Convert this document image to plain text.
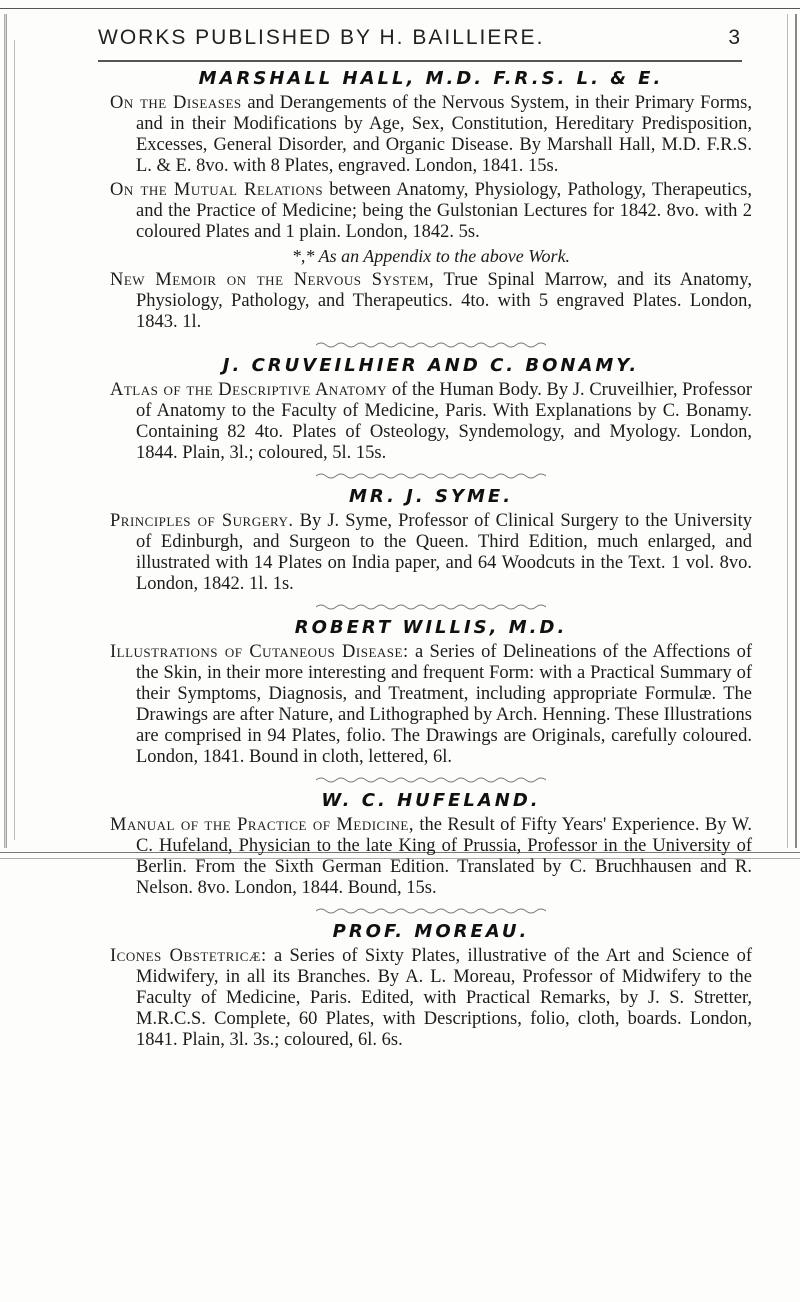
WORKS PUBLISHED BY H. BAILLIERE.	3
MARSHALL HALL, M.D. F.R.S. L. & E.

On the Diseases and Derangements of the Nervous System, in their Primary Forms, and in their Modifications by Age, Sex, Constitution, Hereditary Predisposition, Excesses, General Disorder, and Organic Disease. By Marshall Hall, M.D. F.R.S. L. & E. 8vo. with 8 Plates, engraved. London, 1841. 15s.

On the Mutual Relations between Anatomy, Physiology, Pathology, Therapeutics, and the Practice of Medicine; being the Gulstonian Lectures for 1842. 8vo. with 2 coloured Plates and 1 plain. London, 1842. 5s.

*,* As an Appendix to the above Work.

New Memoir on the Nervous System, True Spinal Marrow, and its Anatomy, Physiology, Pathology, and Therapeutics. 4to. with 5 engraved Plates. London, 1843. 1l.

J. CRUVEILHIER AND C. BONAMY.

Atlas of the Descriptive Anatomy of the Human Body. By J. Cruveilhier, Professor of Anatomy to the Faculty of Medicine, Paris. With Explanations by C. Bonamy. Containing 82 4to. Plates of Osteology, Syndemology, and Myology. London, 1844. Plain, 3l.; coloured, 5l. 15s.

MR. J. SYME.

Principles of Surgery. By J. Syme, Professor of Clinical Surgery to the University of Edinburgh, and Surgeon to the Queen. Third Edition, much enlarged, and illustrated with 14 Plates on India paper, and 64 Woodcuts in the Text. 1 vol. 8vo. London, 1842. 1l. 1s.

ROBERT WILLIS, M.D.

Illustrations of Cutaneous Disease: a Series of Delineations of the Affections of the Skin, in their more interesting and frequent Form: with a Practical Summary of their Symptoms, Diagnosis, and Treatment, including appropriate Formulæ. The Drawings are after Nature, and Lithographed by Arch. Henning. These Illustrations are comprised in 94 Plates, folio. The Drawings are Originals, carefully coloured. London, 1841. Bound in cloth, lettered, 6l.

W. C. HUFELAND.

Manual of the Practice of Medicine, the Result of Fifty Years' Experience. By W. C. Hufeland, Physician to the late King of Prussia, Professor in the University of Berlin. From the Sixth German Edition. Translated by C. Bruchhausen and R. Nelson. 8vo. London, 1844. Bound, 15s.

PROF. MOREAU.

Icones Obstetricæ: a Series of Sixty Plates, illustrative of the Art and Science of Midwifery, in all its Branches. By A. L. Moreau, Professor of Midwifery to the Faculty of Medicine, Paris. Edited, with Practical Remarks, by J. S. Stretter, M.R.C.S. Complete, 60 Plates, with Descriptions, folio, cloth, boards. London, 1841. Plain, 3l. 3s.; coloured, 6l. 6s.
